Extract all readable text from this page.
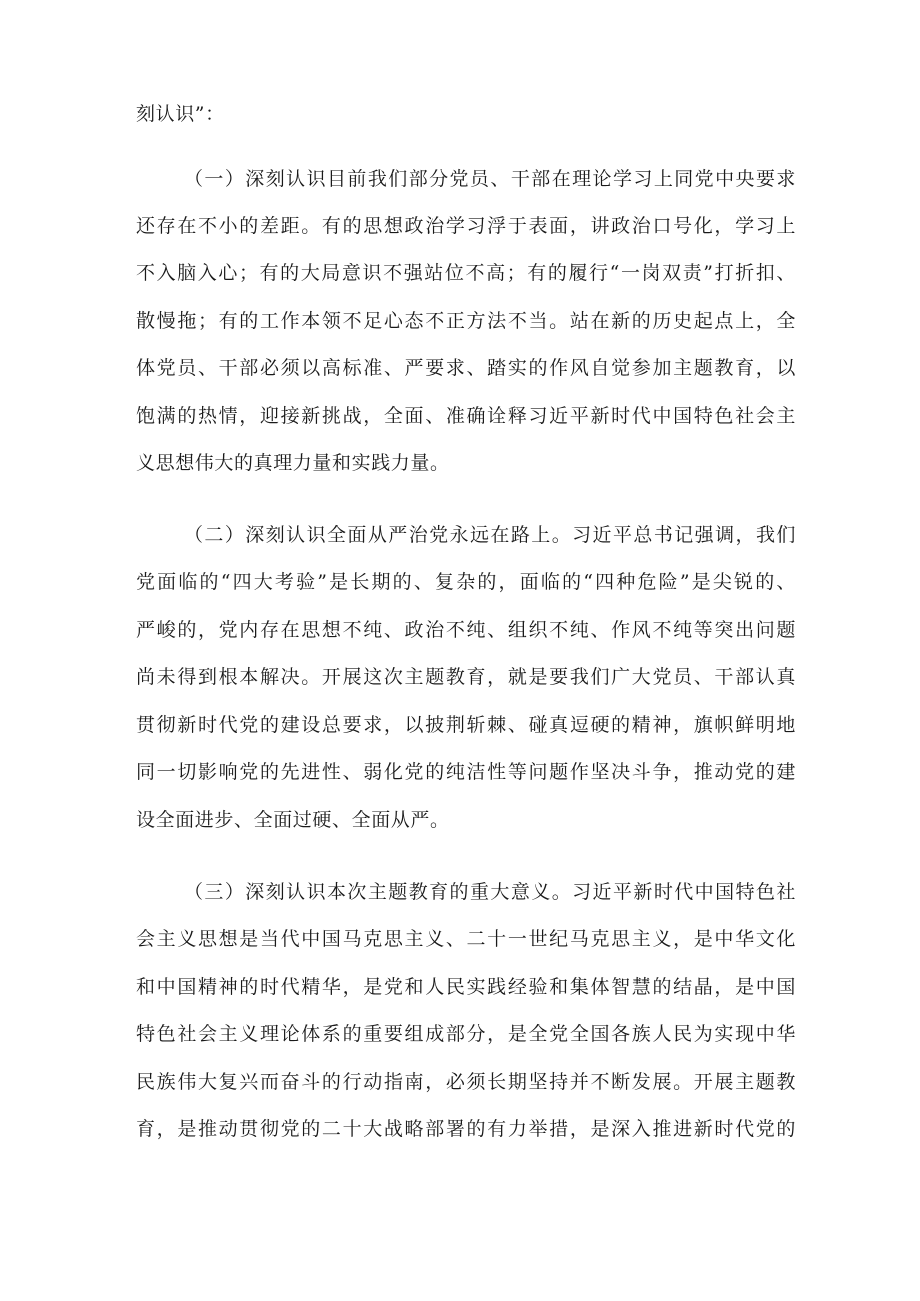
刻认识”：
（一）深刻认识目前我们部分党员、干部在理论学习上同党中央要求
还存在不小的差距。有的思想政治学习浮于表面，讲政治口号化，学习上
不入脑入心；有的大局意识不强站位不高；有的履行“一岗双责”打折扣、
散慢拖；有的工作本领不足心态不正方法不当。站在新的历史起点上，全
体党员、干部必须以高标准、严要求、踏实的作风自觉参加主题教育，以
饱满的热情，迎接新挑战，全面、准确诠释习近平新时代中国特色社会主
义思想伟大的真理力量和实践力量。
（二）深刻认识全面从严治党永远在路上。习近平总书记强调，我们
党面临的“四大考验”是长期的、复杂的，面临的“四种危险”是尖锐的、
严峻的，党内存在思想不纯、政治不纯、组织不纯、作风不纯等突出问题
尚未得到根本解决。开展这次主题教育，就是要我们广大党员、干部认真
贯彻新时代党的建设总要求，以披荆斩棘、碰真逗硬的精神，旗帜鲜明地
同一切影响党的先进性、弱化党的纯洁性等问题作坚决斗争，推动党的建
设全面进步、全面过硬、全面从严。
（三）深刻认识本次主题教育的重大意义。习近平新时代中国特色社
会主义思想是当代中国马克思主义、二十一世纪马克思主义，是中华文化
和中国精神的时代精华，是党和人民实践经验和集体智慧的结晶，是中国
特色社会主义理论体系的重要组成部分，是全党全国各族人民为实现中华
民族伟大复兴而奋斗的行动指南，必须长期坚持并不断发展。开展主题教
育，是推动贯彻党的二十大战略部署的有力举措，是深入推进新时代党的
